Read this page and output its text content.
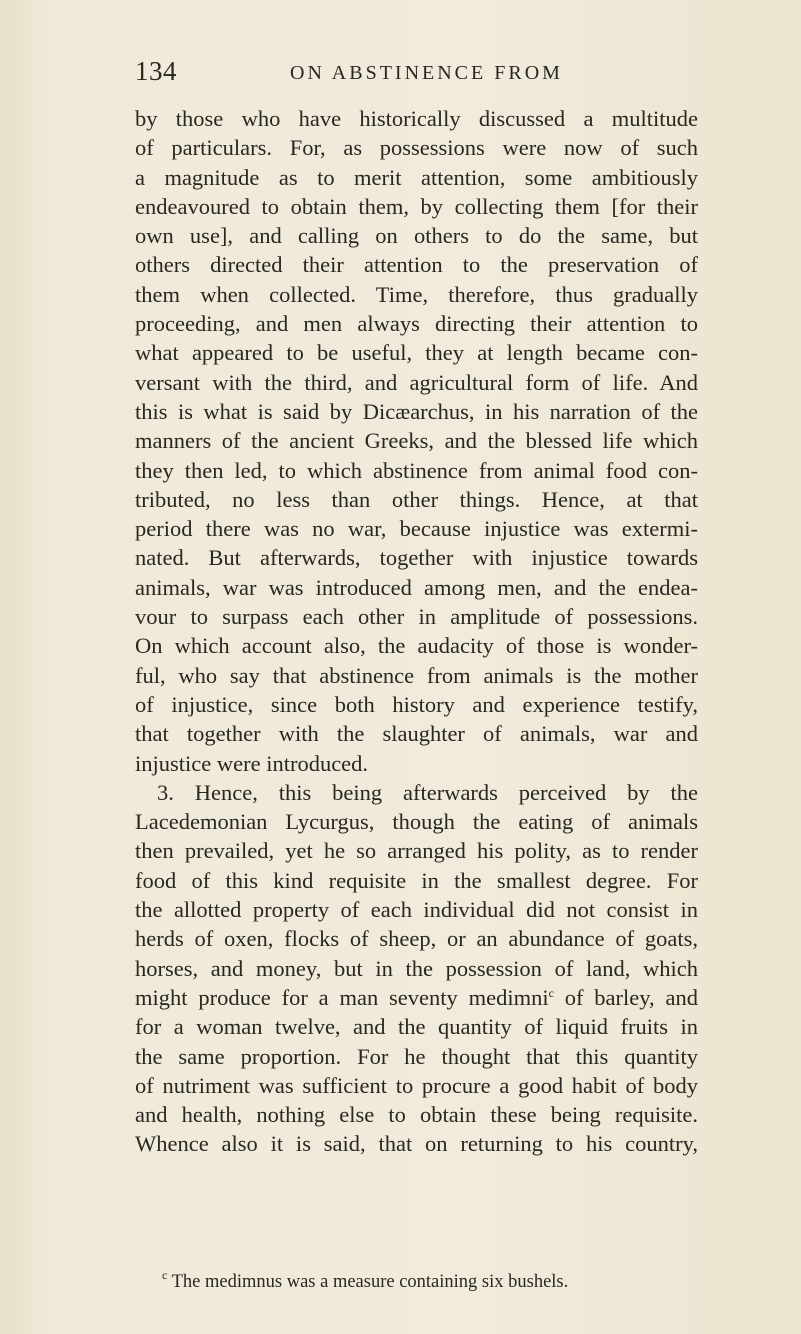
134	ON ABSTINENCE FROM
by those who have historically discussed a multitude
of particulars. For, as possessions were now of such
a magnitude as to merit attention, some ambitiously
endeavoured to obtain them, by collecting them [for their
own use], and calling on others to do the same, but
others directed their attention to the preservation of
them when collected. Time, therefore, thus gradually
proceeding, and men always directing their attention to
what appeared to be useful, they at length became con-
versant with the third, and agricultural form of life. And
this is what is said by Dicæarchus, in his narration of the
manners of the ancient Greeks, and the blessed life which
they then led, to which abstinence from animal food con-
tributed, no less than other things. Hence, at that
period there was no war, because injustice was extermi-
nated. But afterwards, together with injustice towards
animals, war was introduced among men, and the endea-
vour to surpass each other in amplitude of possessions.
On which account also, the audacity of those is wonder-
ful, who say that abstinence from animals is the mother
of injustice, since both history and experience testify,
that together with the slaughter of animals, war and
injustice were introduced.
3. Hence, this being afterwards perceived by the
Lacedemonian Lycurgus, though the eating of animals
then prevailed, yet he so arranged his polity, as to render
food of this kind requisite in the smallest degree. For
the allotted property of each individual did not consist in
herds of oxen, flocks of sheep, or an abundance of goats,
horses, and money, but in the possession of land, which
might produce for a man seventy medimni$^c$ of barley, and
for a woman twelve, and the quantity of liquid fruits in
the same proportion. For he thought that this quantity
of nutriment was sufficient to procure a good habit of body
and health, nothing else to obtain these being requisite.
Whence also it is said, that on returning to his country,
$^c$ The medimnus was a measure containing six bushels.
